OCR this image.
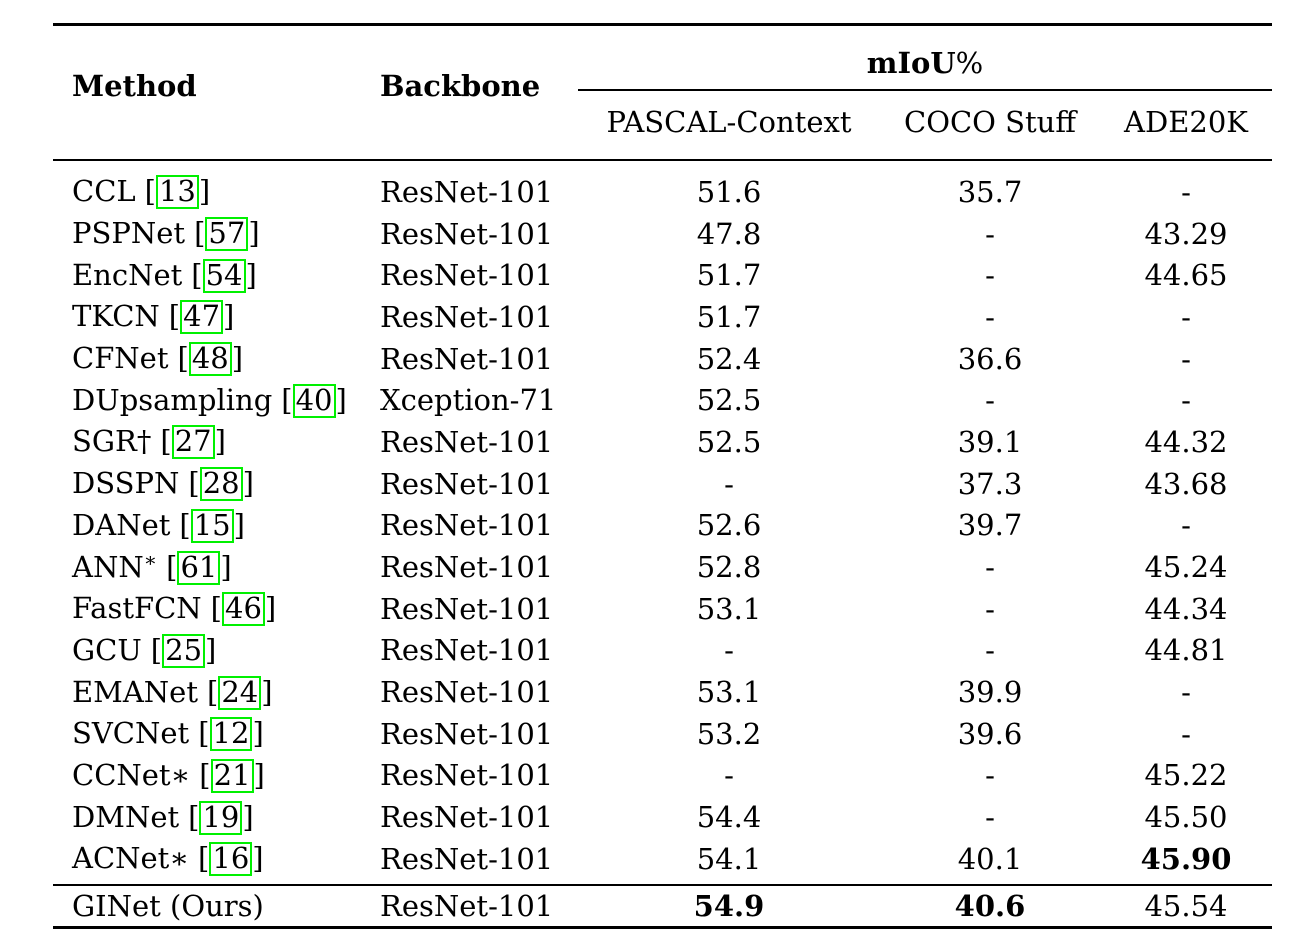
Method	Backbone	mIoU%		
		PASCAL-Context	COCO Stuff	ADE20K
CCL [ 13 ]	ResNet-101	51.6	35.7	-
PSPNet [ 57 ]	ResNet-101	47.8	-	43.29
EncNet [ 54 ]	ResNet-101	51.7	-	44.65
TKCN [ 47 ]	ResNet-101	51.7	-	-
CFNet [ 48 ]	ResNet-101	52.4	36.6	-
DUpsampling [ 40 ]	Xception-71	52.5	-	-
SGR† [ 27 ]	ResNet-101	52.5	39.1	44.32
DSSPN [ 28 ]	ResNet-101	-	37.3	43.68
DANet [ 15 ]	ResNet-101	52.6	39.7	-
ANN∗ [ 61 ]	ResNet-101	52.8	-	45.24
FastFCN [ 46 ]	ResNet-101	53.1	-	44.34
GCU [ 25 ]	ResNet-101	-	-	44.81
EMANet [ 24 ]	ResNet-101	53.1	39.9	-
SVCNet [ 12 ]	ResNet-101	53.2	39.6	-
CCNet∗ [ 21 ]	ResNet-101	-	-	45.22
DMNet [ 19 ]	ResNet-101	54.4	-	45.50
ACNet∗ [ 16 ]	ResNet-101	54.1	40.1	45.90
GINet (Ours)	ResNet-101	54.9	40.6	45.54
